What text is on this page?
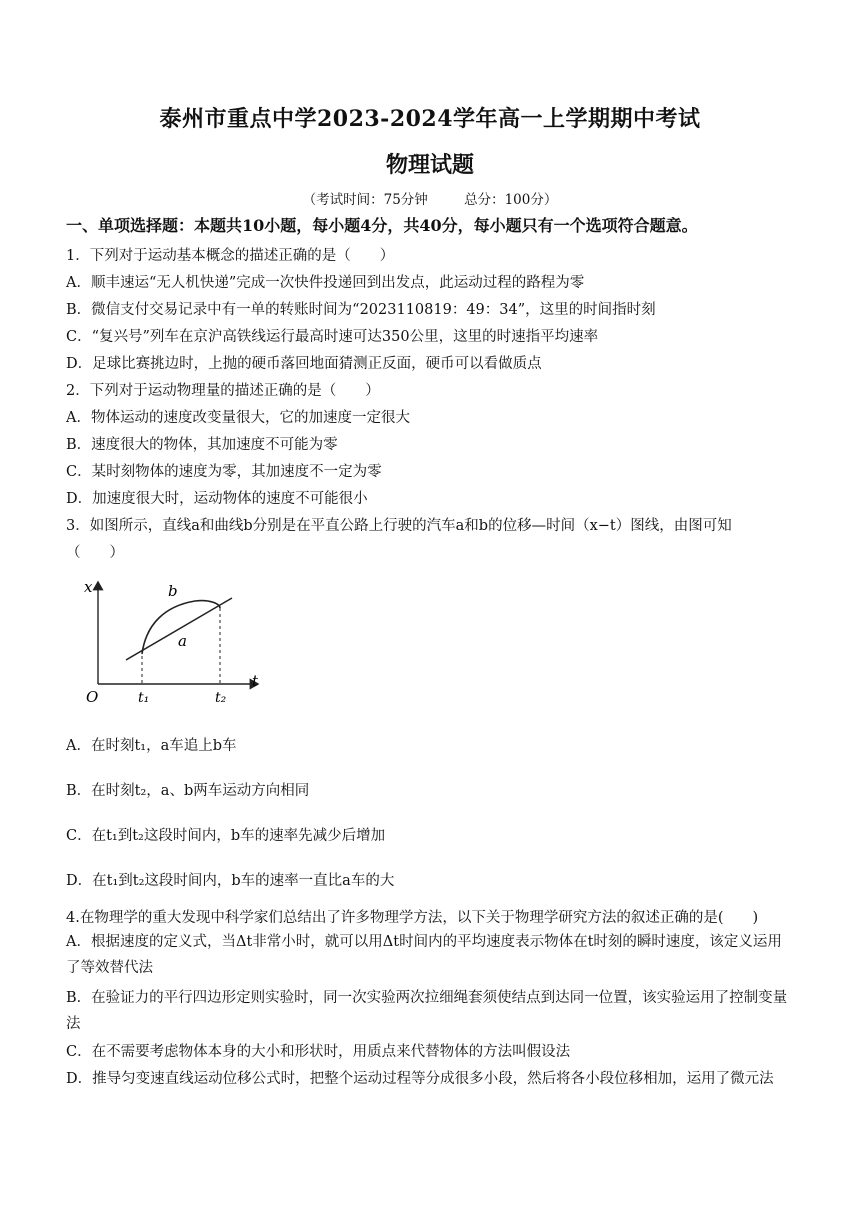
泰州市重点中学2023-2024学年高一上学期期中考试
物理试题
（考试时间：75分钟	总分：100分）
一、单项选择题：本题共10小题，每小题4分，共40分，每小题只有一个选项符合题意。
1．下列对于运动基本概念的描述正确的是（　　）
A．顺丰速运“无人机快递”完成一次快件投递回到出发点，此运动过程的路程为零
B．微信支付交易记录中有一单的转账时间为“2023110819：49：34”，这里的时间指时刻
C．“复兴号”列车在京沪高铁线运行最高时速可达350公里，这里的时速指平均速率
D．足球比赛挑边时，上抛的硬币落回地面猜测正反面，硬币可以看做质点
2．下列对于运动物理量的描述正确的是（　　）
A．物体运动的速度改变量很大，它的加速度一定很大
B．速度很大的物体，其加速度不可能为零
C．某时刻物体的速度为零，其加速度不一定为零
D．加速度很大时，运动物体的速度不可能很小
3．如图所示，直线a和曲线b分别是在平直公路上行驶的汽车a和b的位移—时间（x−t）图线，由图可知
（　　）
x
t
O
b
a
t₁	t₂
A．在时刻t₁，a车追上b车
B．在时刻t₂，a、b两车运动方向相同
C．在t₁到t₂这段时间内，b车的速率先减少后增加
D．在t₁到t₂这段时间内，b车的速率一直比a车的大
4.在物理学的重大发现中科学家们总结出了许多物理学方法，以下关于物理学研究方法的叙述正确的是(　　)
A．根据速度的定义式，当Δt非常小时，就可以用Δt时间内的平均速度表示物体在t时刻的瞬时速度，该定义运用了等效替代法
B．在验证力的平行四边形定则实验时，同一次实验两次拉细绳套须使结点到达同一位置，该实验运用了控制变量法
C．在不需要考虑物体本身的大小和形状时，用质点来代替物体的方法叫假设法
D．推导匀变速直线运动位移公式时，把整个运动过程等分成很多小段，然后将各小段位移相加，运用了微元法
